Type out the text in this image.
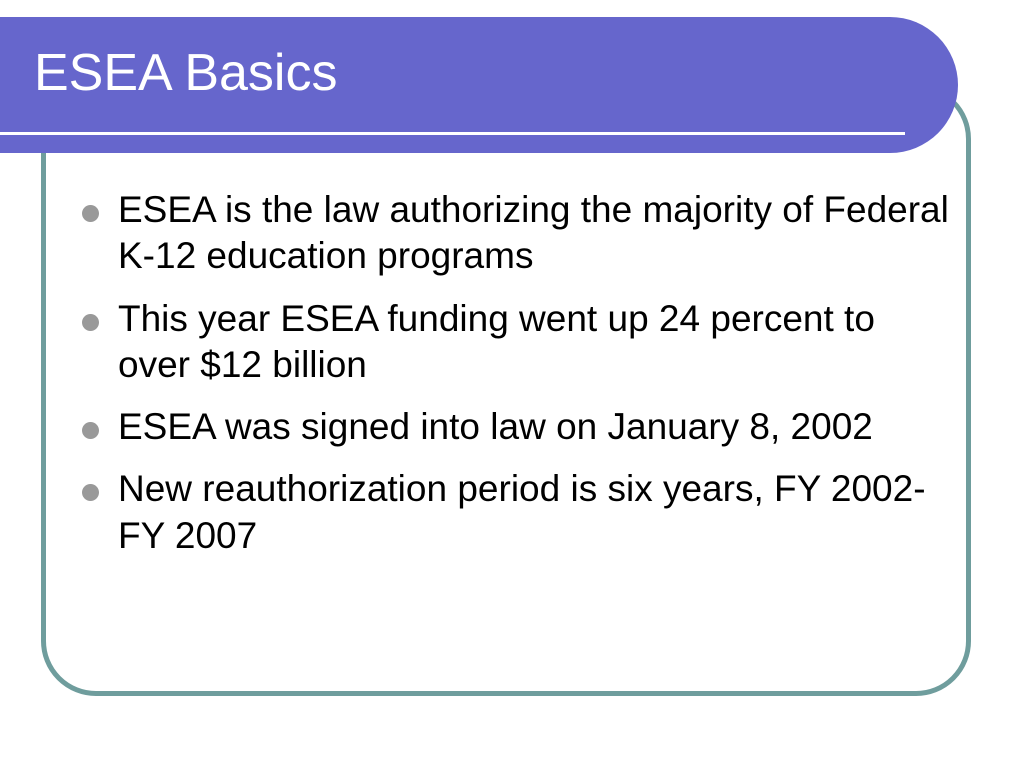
ESEA Basics
ESEA is the law authorizing the majority of Federal K-12 education programs
This year ESEA funding went up 24 percent to over $12 billion
ESEA was signed into law on January 8, 2002
New reauthorization period is six years, FY 2002-FY 2007
